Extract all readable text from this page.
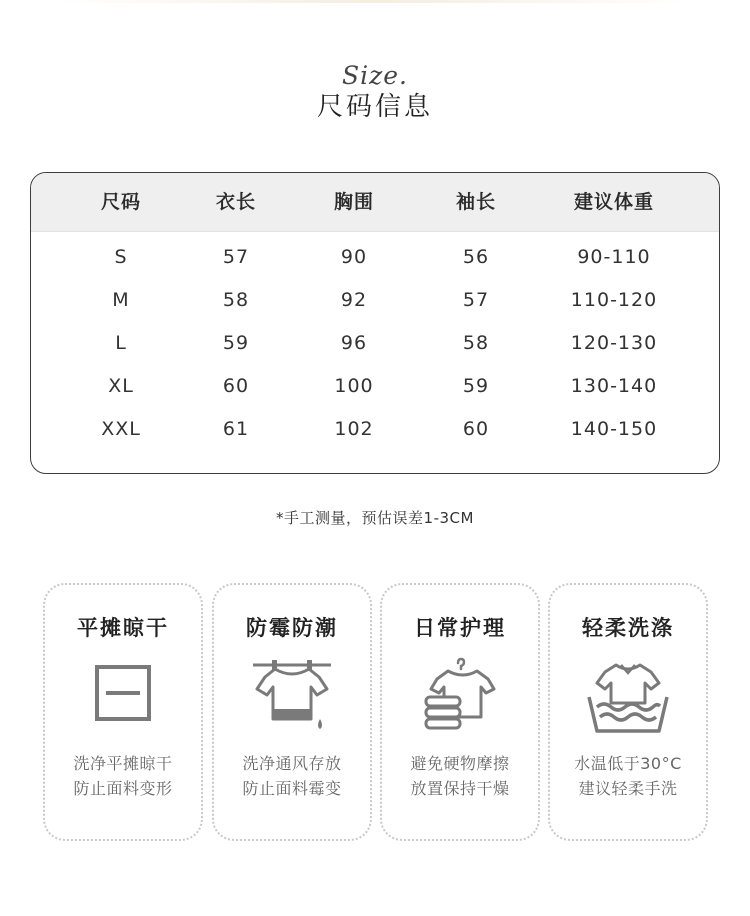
Size.
尺码信息
尺码	衣长	胸围	袖长	建议体重
S	57	90	56	90-110
M	58	92	57	110-120
L	59	96	58	120-130
XL	60	100	59	130-140
XXL	61	102	60	140-150
*手工测量，预估误差1-3CM
平摊晾干
洗净平摊晾干
防止面料变形
防霉防潮
洗净通风存放
防止面料霉变
日常护理
避免硬物摩擦
放置保持干燥
轻柔洗涤
水温低于30°C
建议轻柔手洗
